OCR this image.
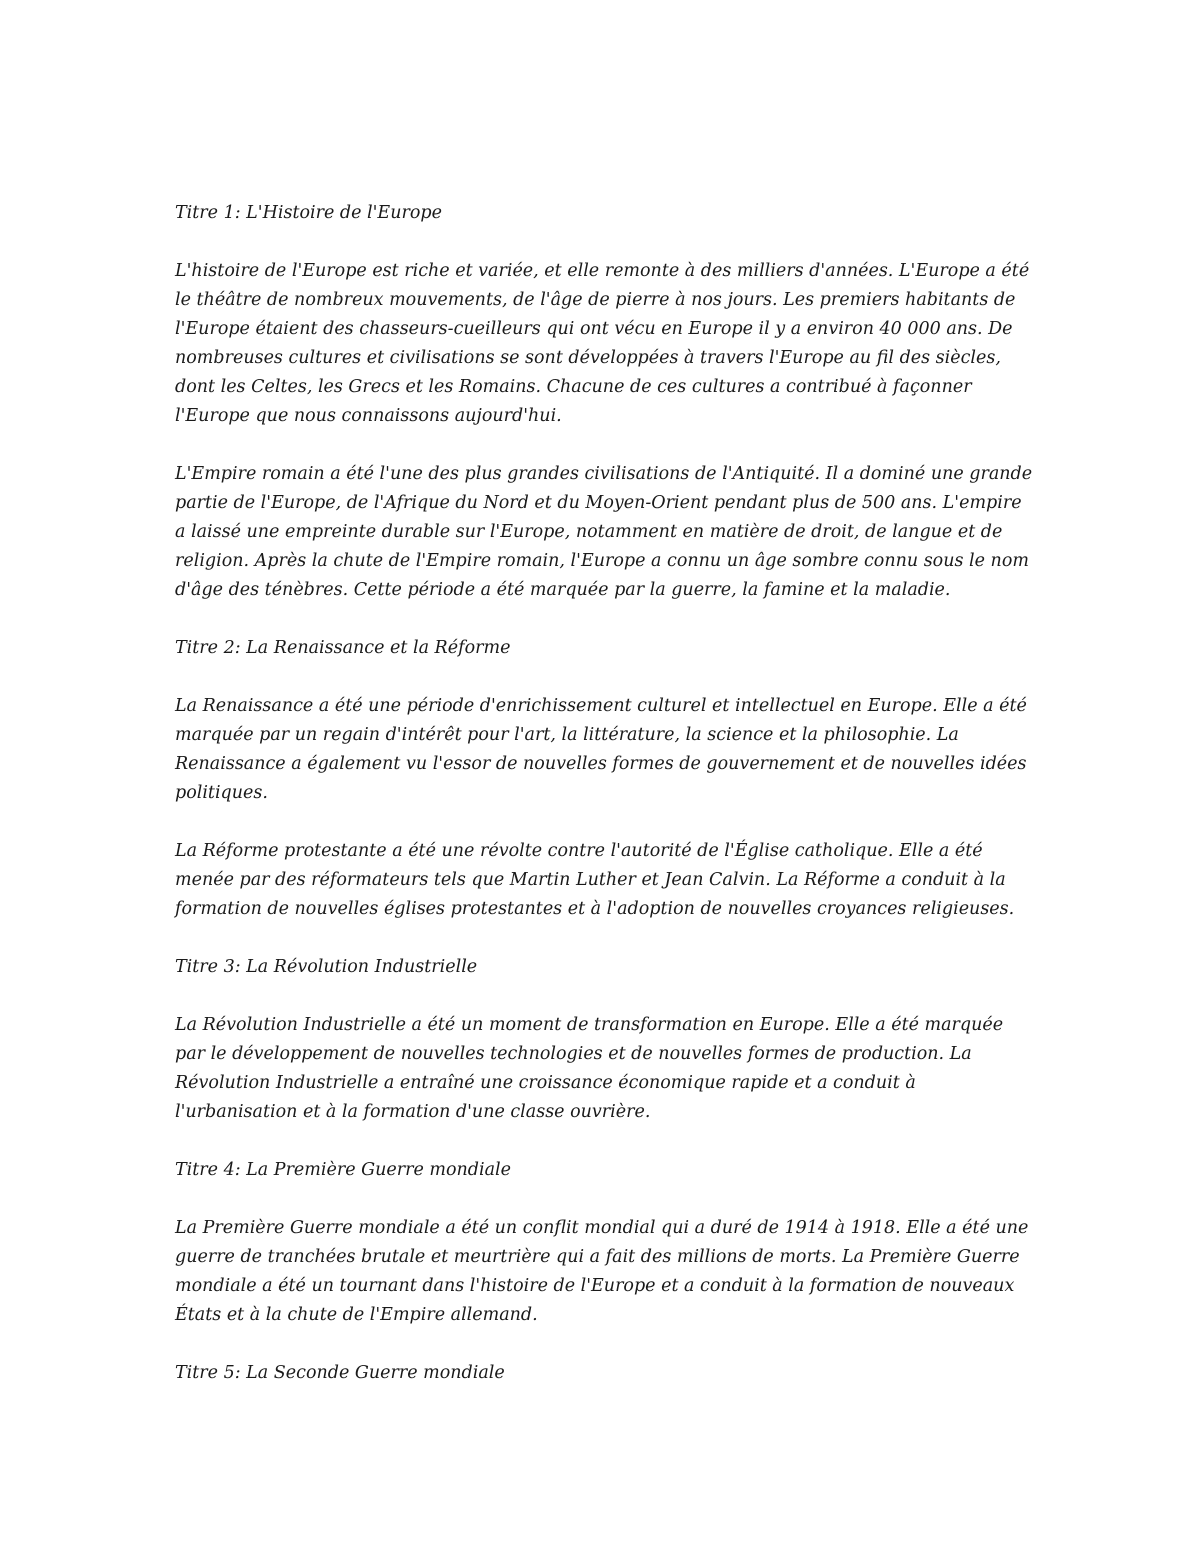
Titre 1: L'Histoire de l'Europe

L'histoire de l'Europe est riche et variée, et elle remonte à des milliers d'années. L'Europe a été le théâtre de nombreux mouvements, de l'âge de pierre à nos jours. Les premiers habitants de l'Europe étaient des chasseurs-cueilleurs qui ont vécu en Europe il y a environ 40 000 ans. De nombreuses cultures et civilisations se sont développées à travers l'Europe au fil des siècles, dont les Celtes, les Grecs et les Romains. Chacune de ces cultures a contribué à façonner l'Europe que nous connaissons aujourd'hui.

L'Empire romain a été l'une des plus grandes civilisations de l'Antiquité. Il a dominé une grande partie de l'Europe, de l'Afrique du Nord et du Moyen-Orient pendant plus de 500 ans. L'empire a laissé une empreinte durable sur l'Europe, notamment en matière de droit, de langue et de religion. Après la chute de l'Empire romain, l'Europe a connu un âge sombre connu sous le nom d'âge des ténèbres. Cette période a été marquée par la guerre, la famine et la maladie.

Titre 2: La Renaissance et la Réforme

La Renaissance a été une période d'enrichissement culturel et intellectuel en Europe. Elle a été marquée par un regain d'intérêt pour l'art, la littérature, la science et la philosophie. La Renaissance a également vu l'essor de nouvelles formes de gouvernement et de nouvelles idées politiques.

La Réforme protestante a été une révolte contre l'autorité de l'Église catholique. Elle a été menée par des réformateurs tels que Martin Luther et Jean Calvin. La Réforme a conduit à la formation de nouvelles églises protestantes et à l'adoption de nouvelles croyances religieuses.

Titre 3: La Révolution Industrielle

La Révolution Industrielle a été un moment de transformation en Europe. Elle a été marquée par le développement de nouvelles technologies et de nouvelles formes de production. La Révolution Industrielle a entraîné une croissance économique rapide et a conduit à l'urbanisation et à la formation d'une classe ouvrière.

Titre 4: La Première Guerre mondiale

La Première Guerre mondiale a été un conflit mondial qui a duré de 1914 à 1918. Elle a été une guerre de tranchées brutale et meurtrière qui a fait des millions de morts. La Première Guerre mondiale a été un tournant dans l'histoire de l'Europe et a conduit à la formation de nouveaux États et à la chute de l'Empire allemand.

Titre 5: La Seconde Guerre mondiale
